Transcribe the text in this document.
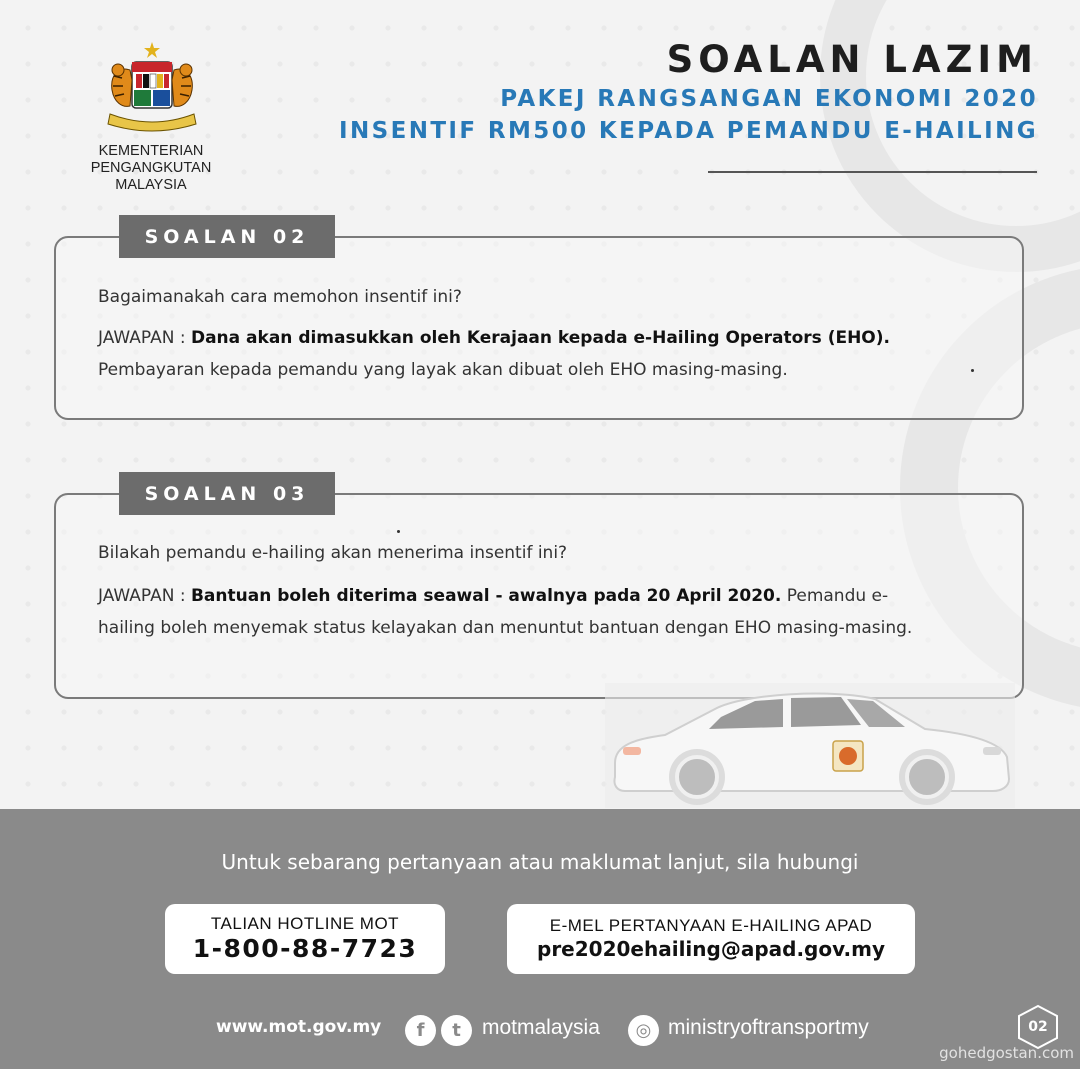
KEMENTERIAN PENGANGKUTAN
MALAYSIA
SOALAN LAZIM
PAKEJ RANGSANGAN EKONOMI 2020
INSENTIF RM500 KEPADA PEMANDU E-HAILING
SOALAN 02
Bagaimanakah cara memohon insentif ini?
JAWAPAN : Dana akan dimasukkan oleh Kerajaan kepada e-Hailing Operators (EHO). Pembayaran kepada pemandu yang layak akan dibuat oleh EHO masing-masing.
SOALAN 03
Bilakah pemandu e-hailing akan menerima insentif ini?
JAWAPAN : Bantuan boleh diterima seawal - awalnya pada 20 April 2020. Pemandu e-hailing boleh menyemak status kelayakan dan menuntut bantuan dengan EHO masing-masing.
Untuk sebarang pertanyaan atau maklumat lanjut, sila hubungi
TALIAN HOTLINE MOT
1-800-88-7723
E-MEL PERTANYAAN E-HAILING APAD
pre2020ehailing@apad.gov.my
www.mot.gov.my	f	t	motmalaysia	◎ ministryoftransportmy	02
gohedgostan.com
